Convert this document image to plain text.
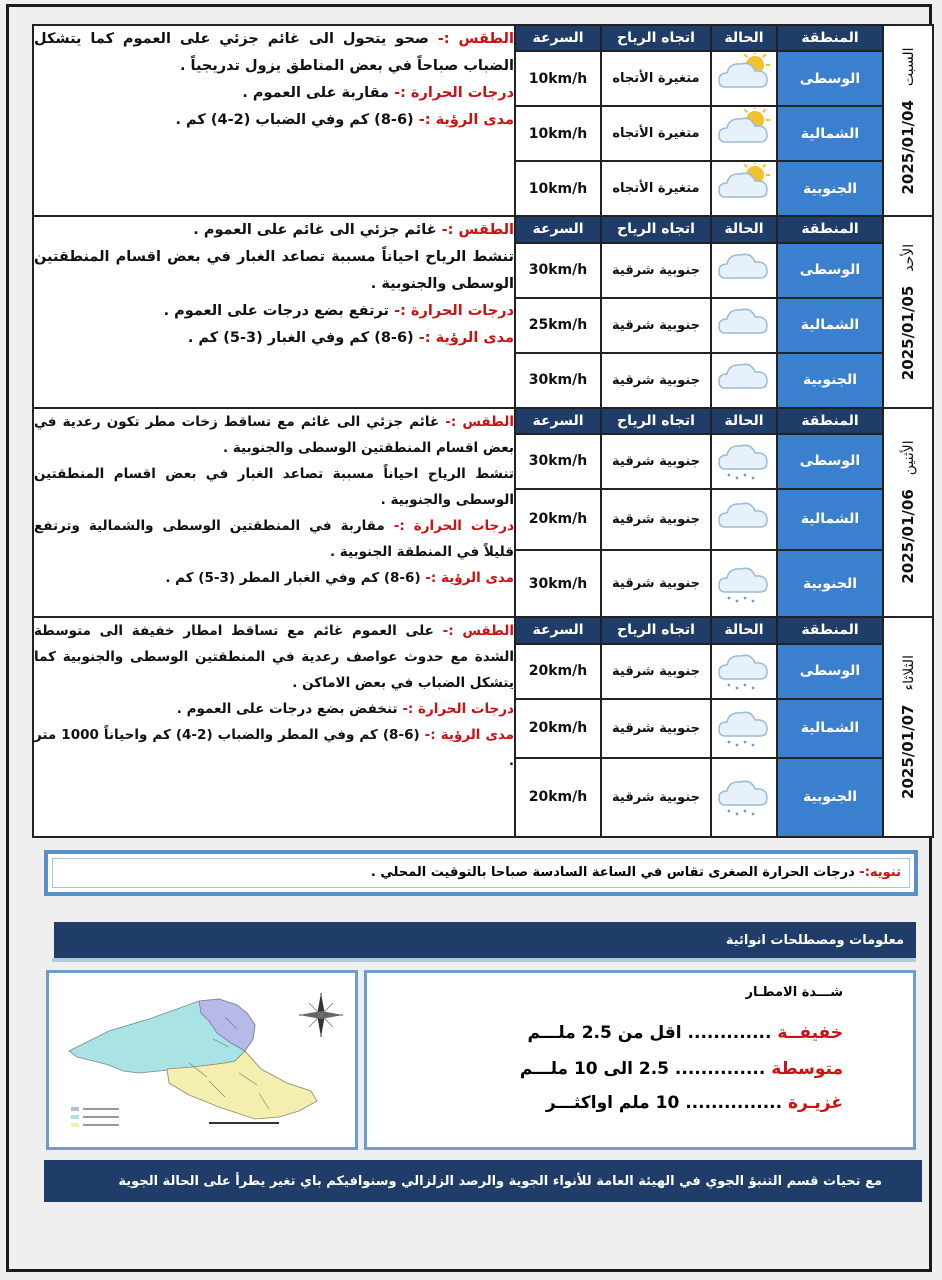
الطقس :- صحو يتحول الى غائم جزئي على العموم كما يتشكل الضباب صباحاً في بعض المناطق يزول تدريجياً .
درجات الحرارة :- مقاربة على العموم .
مدى الرؤية :- (6-8) كم وفي الضباب (2-4) كم .	السرعة	اتجاه الرياح	الحالة	المنطقة	2025/01/04السبت

	10km/h	متغيرة الأتجاه		الوسطى	
	10km/h	متغيرة الأتجاه		الشمالية	
	10km/h	متغيرة الأتجاه		الجنوبية	

الطقس :- غائم جزئي الى غائم على العموم .
تنشط الرياح احياناً مسببة تصاعد الغبار في بعض اقسام المنطقتين الوسطى والجنوبية .
درجات الحرارة :- ترتفع بضع درجات على العموم .
مدى الرؤية :- (6-8) كم وفي الغبار (3-5) كم .	السرعة	اتجاه الرياح	الحالة	المنطقة	2025/01/05الأحد

	30km/h	جنوبية شرقية		الوسطى	
	25km/h	جنوبية شرقية		الشمالية	
	30km/h	جنوبية شرقية		الجنوبية	

الطقس :- غائم جزئي الى غائم مع تساقط زخات مطر تكون رعدية في بعض اقسام المنطقتين الوسطى والجنوبية .
تنشط الرياح احياناً مسببة تصاعد الغبار في بعض اقسام المنطقتين الوسطى والجنوبية .
درجات الحرارة :- مقاربة في المنطقتين الوسطى والشمالية وترتفع قليلاً في المنطقة الجنوبية .
مدى الرؤية :- (6-8) كم وفي الغبار المطر (3-5) كم .	السرعة	اتجاه الرياح	الحالة	المنطقة	2025/01/06الأثنين

	30km/h	جنوبية شرقية		الوسطى	
	20km/h	جنوبية شرقية		الشمالية	
	30km/h	جنوبية شرقية		الجنوبية	

الطقس :- على العموم غائم مع تساقط امطار خفيفة الى متوسطة الشدة مع حدوث عواصف رعدية في المنطقتين الوسطى والجنوبية كما يتشكل الضباب في بعض الاماكن .
درجات الحرارة :- تنخفض بضع درجات على العموم .
مدى الرؤية :- (6-8) كم وفي المطر والضباب (2-4) كم واحياناً 1000 متر .	السرعة	اتجاه الرياح	الحالة	المنطقة	2025/01/07الثلاثاء

	20km/h	جنوبية شرقية		الوسطى	
	20km/h	جنوبية شرقية		الشمالية	
	20km/h	جنوبية شرقية		الجنوبية	
تنويه:- درجات الحرارة الصغرى تقاس في الساعة السادسة صباحا بالتوقيت المحلي .
معلومات ومصطلحات انوائية
شـــدة الامطـار
خفيفــة ............. اقل من 2.5 ملـــم
متوسطة .............. 2.5 الى 10 ملـــم
غزيـرة ............... 10 ملم اواكثـــر
مع تحيات قسم التنبؤ الجوي في الهيئة العامة للأنواء الجوية والرصد الزلزالي وسنوافيكم باي تغير يطرأ على الحالة الجوية
